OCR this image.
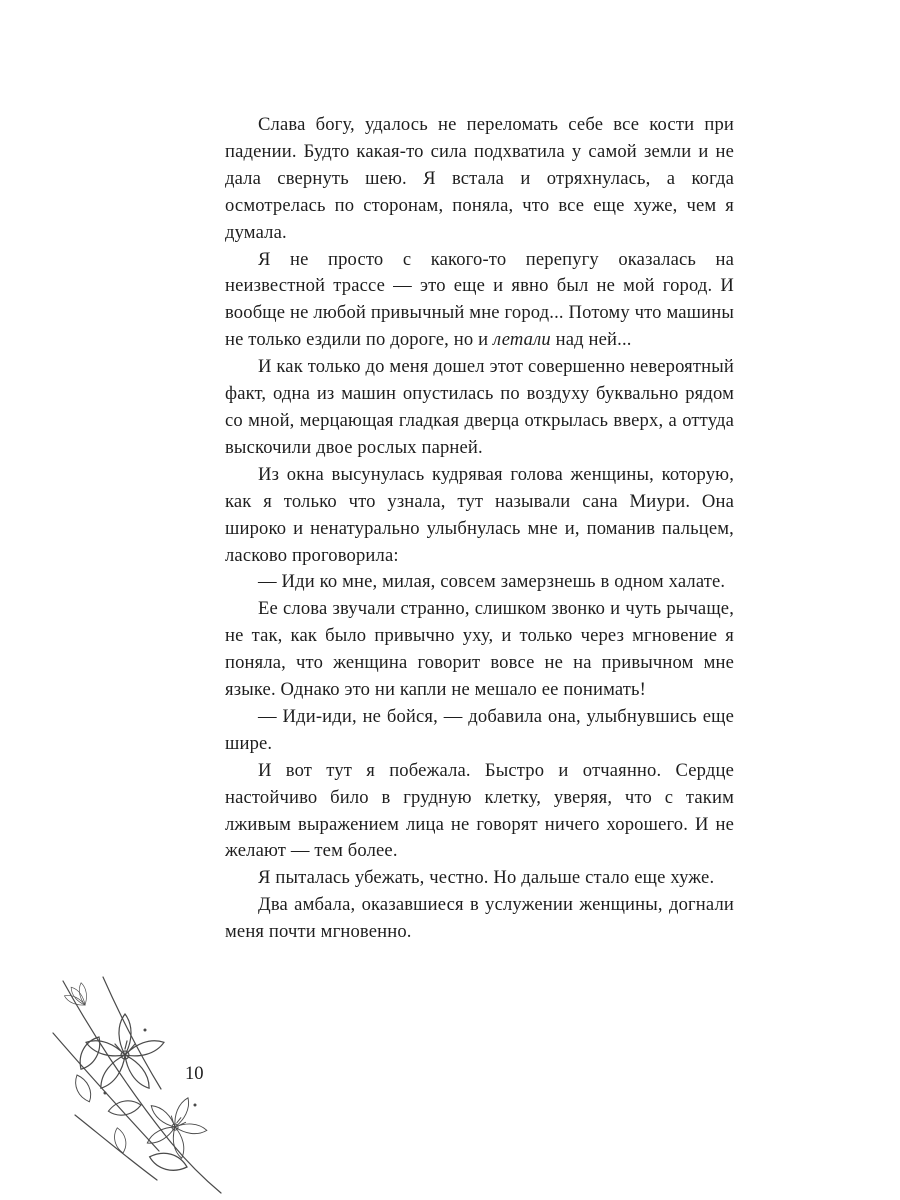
10

Слава богу, удалось не переломать себе все кости при падении. Будто какая-то сила подхватила у самой земли и не дала свернуть шею. Я встала и отряхнулась, а когда осмотрелась по сторонам, поняла, что все еще хуже, чем я думала.

Я не просто с какого-то перепугу оказалась на неизвестной трассе — это еще и явно был не мой город. И вообще не любой привычный мне город... Потому что машины не только ездили по дороге, но и летали над ней...

И как только до меня дошел этот совершенно невероятный факт, одна из машин опустилась по воздуху буквально рядом со мной, мерцающая гладкая дверца открылась вверх, а оттуда выскочили двое рослых парней.

Из окна высунулась кудрявая голова женщины, которую, как я только что узнала, тут называли сана Миури. Она широко и ненатурально улыбнулась мне и, поманив пальцем, ласково проговорила:

— Иди ко мне, милая, совсем замерзнешь в одном халате.

Ее слова звучали странно, слишком звонко и чуть рычаще, не так, как было привычно уху, и только через мгновение я поняла, что женщина говорит вовсе не на привычном мне языке. Однако это ни капли не мешало ее понимать!

— Иди-иди, не бойся, — добавила она, улыбнувшись еще шире.

И вот тут я побежала. Быстро и отчаянно. Сердце настойчиво било в грудную клетку, уверяя, что с таким лживым выражением лица не говорят ничего хорошего. И не желают — тем более.

Я пыталась убежать, честно. Но дальше стало еще хуже.

Два амбала, оказавшиеся в услужении женщины, догнали меня почти мгновенно.
